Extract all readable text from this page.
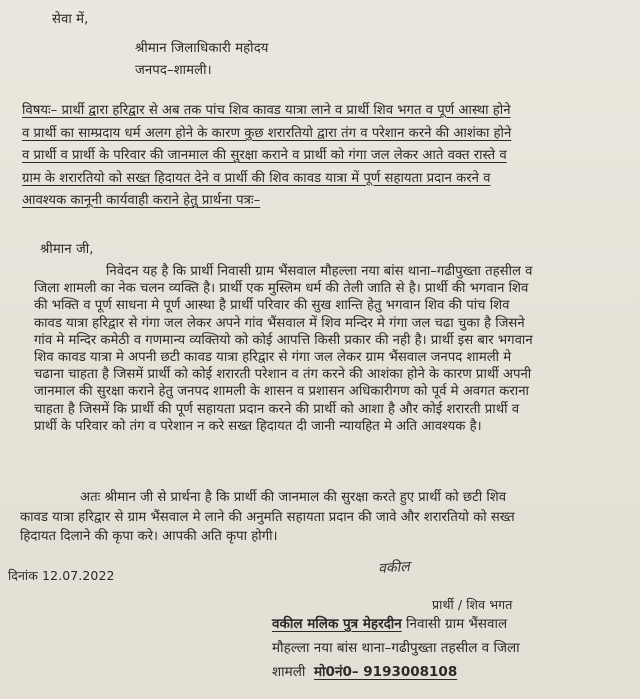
सेवा में,
श्रीमान जिलाधिकारी महोदय
जनपद–शामली।
विषयः– प्रार्थी द्वारा हरिद्वार से अब तक पांच शिव कावड यात्रा लाने व प्रार्थी शिव भगत व पूर्ण आस्था होने
व प्रार्थी का साम्प्रदाय धर्म अलग होने के कारण कुछ शरारतियो द्वारा तंग व परेशान करने की आशंका होने
व प्रार्थी व प्रार्थी के परिवार की जानमाल की सुरक्षा कराने व प्रार्थी को गंगा जल लेकर आते वक्त रास्ते व
ग्राम के शरारतियो को सख्त हिदायत देने व प्रार्थी की शिव कावड यात्रा में पूर्ण सहायता प्रदान करने व
आवश्यक कानूनी कार्यवाही कराने हेतु प्रार्थना पत्रः–
श्रीमान जी,
निवेदन यह है कि प्रार्थी निवासी ग्राम भैंसवाल मौहल्ला नया बांस थाना–गढीपुख्ता तहसील व
जिला शामली का नेक चलन व्यक्ति है। प्रार्थी एक मुस्लिम धर्म की तेली जाति से है। प्रार्थी की भगवान शिव
की भक्ति व पूर्ण साधना मे पूर्ण आस्था है प्रार्थी परिवार की सुख शान्ति हेतु भगवान शिव की पांच शिव
कावड यात्रा हरिद्वार से गंगा जल लेकर अपने गांव भैंसवाल में शिव मन्दिर मे गंगा जल चढा चुका है जिसने
गांव मे मन्दिर कमेठी व गणमान्य व्यक्तियो को कोई आपत्ति किसी प्रकार की नही है। प्रार्थी इस बार भगवान
शिव कावड यात्रा मे अपनी छटी कावड यात्रा हरिद्वार से गंगा जल लेकर ग्राम भैंसवाल जनपद शामली मे
चढाना चाहता है जिसमें प्रार्थी को कोई शरारती परेशान व तंग करने की आशंका होने के कारण प्रार्थी अपनी
जानमाल की सुरक्षा कराने हेतु जनपद शामली के शासन व प्रशासन अधिकारीगण को पूर्व मे अवगत कराना
चाहता है जिसमें कि प्रार्थी की पूर्ण सहायता प्रदान करने की प्रार्थी को आशा है और कोई शरारती प्रार्थी व
प्रार्थी के परिवार को तंग व परेशान न करे सख्त हिदायत दी जानी न्यायहित मे अति आवश्यक है।
अतः श्रीमान जी से प्रार्थना है कि प्रार्थी की जानमाल की सुरक्षा करते हुए प्रार्थी को छटी शिव
कावड यात्रा हरिद्वार से ग्राम भैंसवाल मे लाने की अनुमति सहायता प्रदान की जावे और शरारतियो को सख्त
हिदायत दिलाने की कृपा करे। आपकी अति कृपा होगी।
दिनांक 12.07.2022	वकील
प्रार्थी / शिव भगत
वकील मलिक पुत्र मेहरदीन निवासी ग्राम भैंसवाल
मौहल्ला नया बांस थाना–गढीपुख्ता तहसील व जिला
शामली  मो0नं0– 9193008108
